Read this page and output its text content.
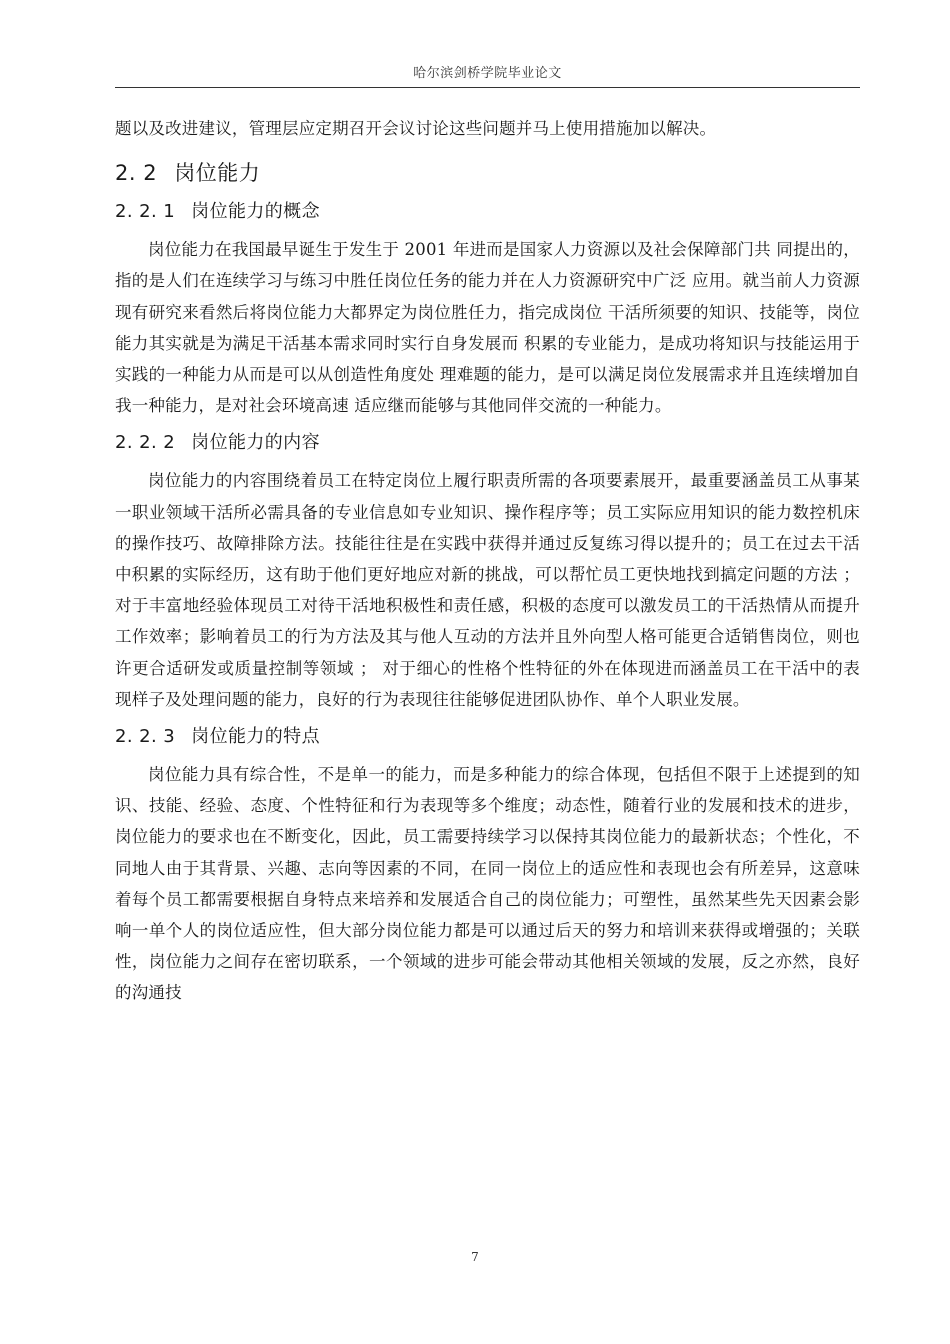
哈尔滨剑桥学院毕业论文

题以及改进建议，管理层应定期召开会议讨论这些问题并马上使用措施加以解决。

2. 2 岗位能力
2. 2. 1 岗位能力的概念

岗位能力在我国最早诞生于发生于 2001 年进而是国家人力资源以及社会保障部门共 同提出的，指的是人们在连续学习与练习中胜任岗位任务的能力并在人力资源研究中广泛 应用。就当前人力资源现有研究来看然后将岗位能力大都界定为岗位胜任力，指完成岗位 干活所须要的知识、技能等，岗位能力其实就是为满足干活基本需求同时实行自身发展而 积累的专业能力，是成功将知识与技能运用于实践的一种能力从而是可以从创造性角度处 理难题的能力，是可以满足岗位发展需求并且连续增加自我一种能力，是对社会环境高速 适应继而能够与其他同伴交流的一种能力。

2. 2. 2 岗位能力的内容

岗位能力的内容围绕着员工在特定岗位上履行职责所需的各项要素展开，最重要涵盖员工从事某一职业领域干活所必需具备的专业信息如专业知识、操作程序等；员工实际应用知识的能力数控机床的操作技巧、故障排除方法。技能往往是在实践中获得并通过反复练习得以提升的；员工在过去干活中积累的实际经历，这有助于他们更好地应对新的挑战，可以帮忙员工更快地找到搞定问题的方法 ； 对于丰富地经验体现员工对待干活地积极性和责任感，积极的态度可以激发员工的干活热情从而提升工作效率；影响着员工的行为方法及其与他人互动的方法并且外向型人格可能更合适销售岗位，则也许更合适研发或质量控制等领域 ； 对于细心的性格个性特征的外在体现进而涵盖员工在干活中的表现样子及处理问题的能力，良好的行为表现往往能够促进团队协作、单个人职业发展。

2. 2. 3 岗位能力的特点

岗位能力具有综合性，不是单一的能力，而是多种能力的综合体现，包括但不限于上述提到的知识、技能、经验、态度、个性特征和行为表现等多个维度；动态性，随着行业的发展和技术的进步，岗位能力的要求也在不断变化，因此，员工需要持续学习以保持其岗位能力的最新状态；个性化，不同地人由于其背景、兴趣、志向等因素的不同，在同一岗位上的适应性和表现也会有所差异，这意味着每个员工都需要根据自身特点来培养和发展适合自己的岗位能力；可塑性，虽然某些先天因素会影响一单个人的岗位适应性，但大部分岗位能力都是可以通过后天的努力和培训来获得或增强的；关联性，岗位能力之间存在密切联系，一个领域的进步可能会带动其他相关领域的发展，反之亦然，良好的沟通技

7
